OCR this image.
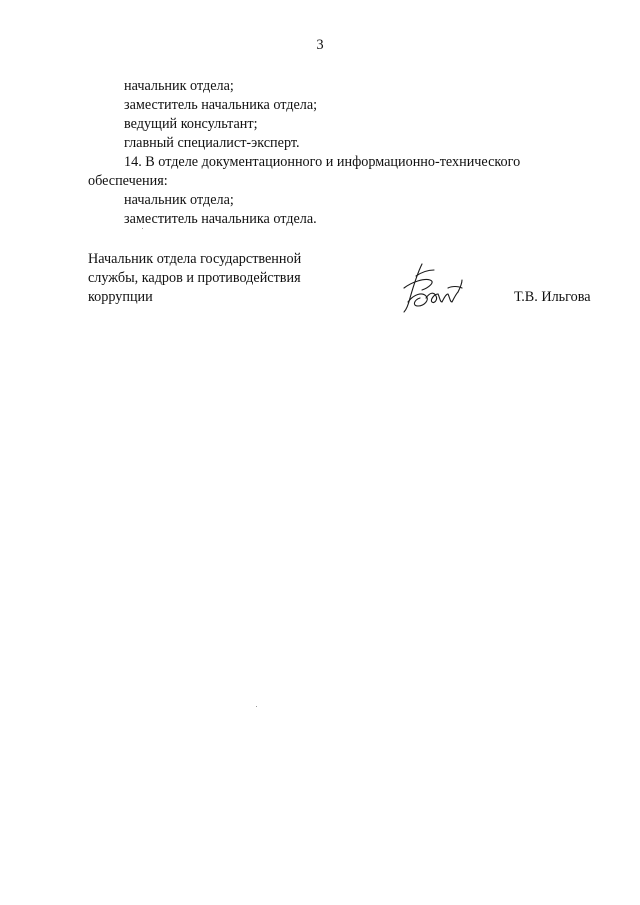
3

начальник отдела;

заместитель начальника отдела;

ведущий консультант;

главный специалист-эксперт.

14. В отделе документационного и информационно-технического

обеспечения:

начальник отдела;

заместитель начальника отдела.

Начальник отдела государственной
службы, кадров и противодействия
коррупции	Т.В. Ильгова
